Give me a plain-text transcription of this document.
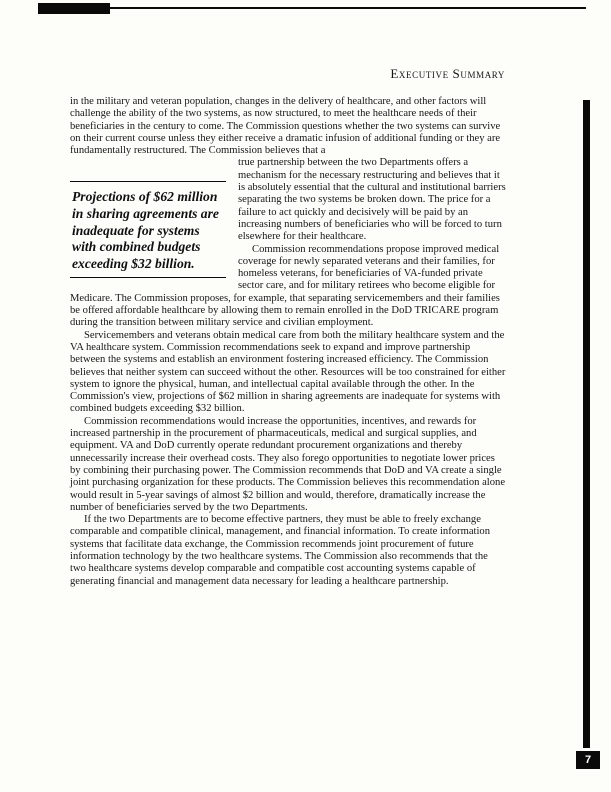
Executive Summary

in the military and veteran population, changes in the delivery of healthcare, and other factors will challenge the ability of the two systems, as now structured, to meet the healthcare needs of their beneficiaries in the century to come. The Commission questions whether the two systems can survive on their current course unless they either receive a dramatic infusion of additional funding or they are fundamentally restructured. The Commission believes that a

Projections of $62 million in sharing agreements are inadequate for systems with combined budgets exceeding $32 billion.

true partnership between the two Departments offers a mechanism for the necessary restructuring and believes that it is absolutely essential that the cultural and institutional barriers separating the two systems be broken down. The price for a failure to act quickly and decisively will be paid by an increasing numbers of beneficiaries who will be forced to turn elsewhere for their healthcare.

Commission recommendations propose improved medical coverage for newly separated veterans and their families, for homeless veterans, for beneficiaries of VA-funded private sector care, and for military retirees who become eligible for Medicare. The Commission proposes, for example, that separating servicemembers and their families be offered affordable healthcare by allowing them to remain enrolled in the DoD TRICARE program during the transition between military service and civilian employment.

Servicemembers and veterans obtain medical care from both the military healthcare system and the VA healthcare system. Commission recommendations seek to expand and improve partnership between the systems and establish an environment fostering increased efficiency. The Commission believes that neither system can succeed without the other. Resources will be too constrained for either system to ignore the physical, human, and intellectual capital available through the other. In the Commission's view, projections of $62 million in sharing agreements are inadequate for systems with combined budgets exceeding $32 billion.

Commission recommendations would increase the opportunities, incentives, and rewards for increased partnership in the procurement of pharmaceuticals, medical and surgical supplies, and equipment. VA and DoD currently operate redundant procurement organizations and thereby unnecessarily increase their overhead costs. They also forego opportunities to negotiate lower prices by combining their purchasing power. The Commission recommends that DoD and VA create a single joint purchasing organization for these products. The Commission believes this recommendation alone would result in 5-year savings of almost $2 billion and would, therefore, dramatically increase the number of beneficiaries served by the two Departments.

If the two Departments are to become effective partners, they must be able to freely exchange comparable and compatible clinical, management, and financial information. To create information systems that facilitate data exchange, the Commission recommends joint procurement of future information technology by the two healthcare systems. The Commission also recommends that the two healthcare systems develop comparable and compatible cost accounting systems capable of generating financial and management data necessary for leading a healthcare partnership.

7
